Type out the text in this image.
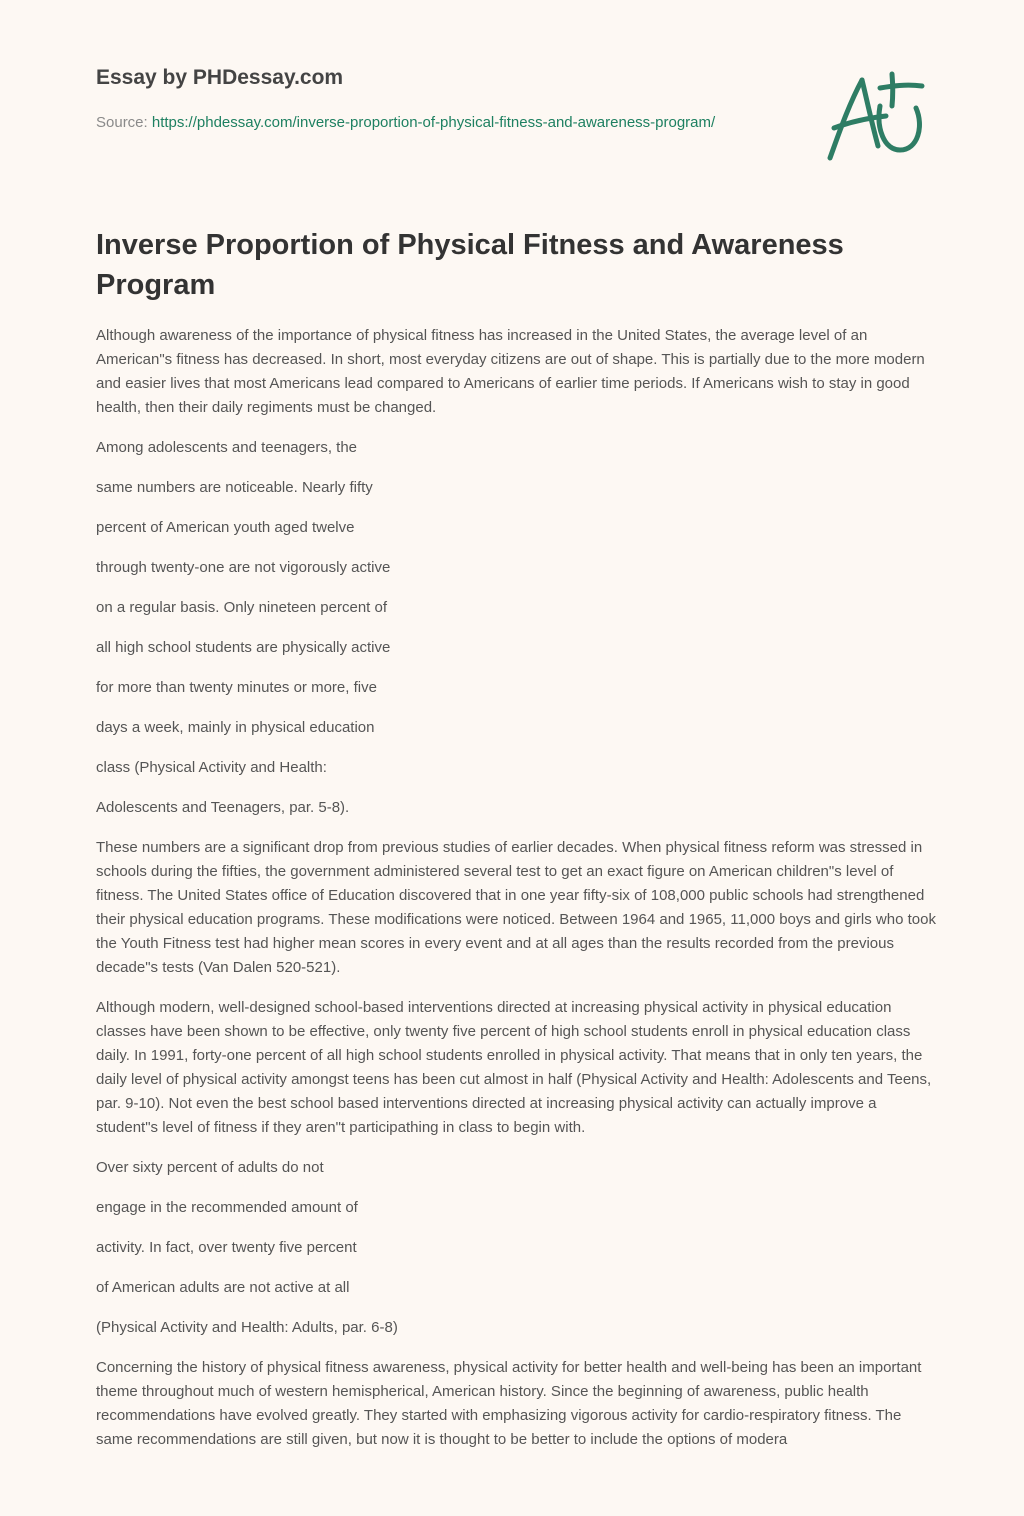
Essay by PHDessay.com
Source: https://phdessay.com/inverse-proportion-of-physical-fitness-and-awareness-program/
Inverse Proportion of Physical Fitness and Awareness Program

Although awareness of the importance of physical fitness has increased in the United States, the average level of an American"s fitness has decreased. In short, most everyday citizens are out of shape. This is partially due to the more modern and easier lives that most Americans lead compared to Americans of earlier time periods. If Americans wish to stay in good health, then their daily regiments must be changed.

Among adolescents and teenagers, the

same numbers are noticeable. Nearly fifty

percent of American youth aged twelve

through twenty-one are not vigorously active

on a regular basis. Only nineteen percent of

all high school students are physically active

for more than twenty minutes or more, five

days a week, mainly in physical education

class (Physical Activity and Health:

Adolescents and Teenagers, par. 5-8).

These numbers are a significant drop from previous studies of earlier decades. When physical fitness reform was stressed in schools during the fifties, the government administered several test to get an exact figure on American children"s level of fitness. The United States office of Education discovered that in one year fifty-six of 108,000 public schools had strengthened their physical education programs. These modifications were noticed. Between 1964 and 1965, 11,000 boys and girls who took the Youth Fitness test had higher mean scores in every event and at all ages than the results recorded from the previous decade"s tests (Van Dalen 520-521).

Although modern, well-designed school-based interventions directed at increasing physical activity in physical education classes have been shown to be effective, only twenty five percent of high school students enroll in physical education class daily. In 1991, forty-one percent of all high school students enrolled in physical activity. That means that in only ten years, the daily level of physical activity amongst teens has been cut almost in half (Physical Activity and Health: Adolescents and Teens, par. 9-10). Not even the best school based interventions directed at increasing physical activity can actually improve a student"s level of fitness if they aren"t participathing in class to begin with.

Over sixty percent of adults do not

engage in the recommended amount of

activity. In fact, over twenty five percent

of American adults are not active at all

(Physical Activity and Health: Adults, par. 6-8)

Concerning the history of physical fitness awareness, physical activity for better health and well-being has been an important theme throughout much of western hemispherical, American history. Since the beginning of awareness, public health recommendations have evolved greatly. They started with emphasizing vigorous activity for cardio-respiratory fitness. The same recommendations are still given, but now it is thought to be better to include the options of modera
